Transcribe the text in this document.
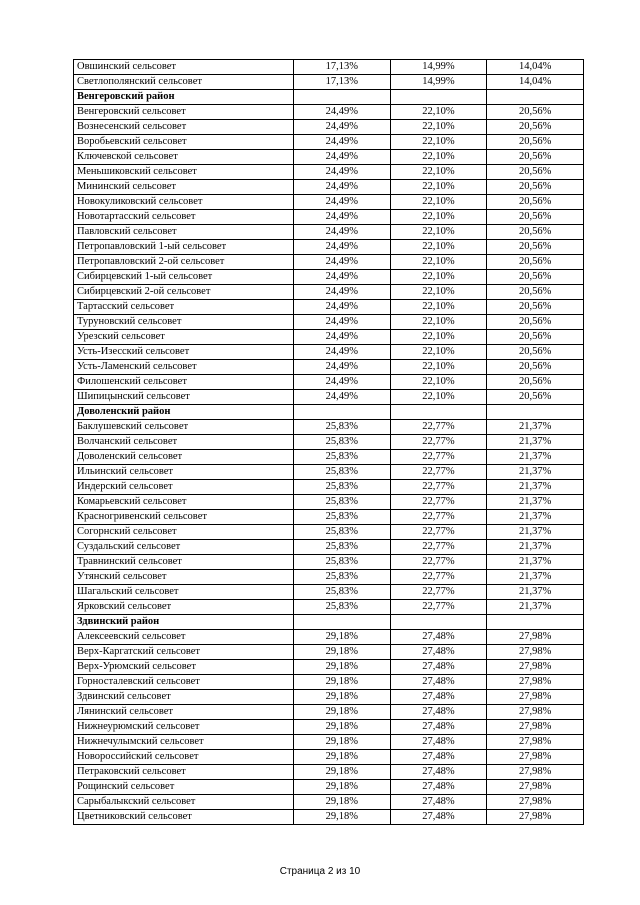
Овшинский сельсовет	17,13%	14,99%	14,04%
Светлополянский сельсовет	17,13%	14,99%	14,04%
Венгеровский район			
Венгеровский сельсовет	24,49%	22,10%	20,56%
Вознесенский сельсовет	24,49%	22,10%	20,56%
Воробьевский сельсовет	24,49%	22,10%	20,56%
Ключевской сельсовет	24,49%	22,10%	20,56%
Меньшиковский сельсовет	24,49%	22,10%	20,56%
Мининский сельсовет	24,49%	22,10%	20,56%
Новокуликовский сельсовет	24,49%	22,10%	20,56%
Новотартасский сельсовет	24,49%	22,10%	20,56%
Павловский сельсовет	24,49%	22,10%	20,56%
Петропавловский 1-ый сельсовет	24,49%	22,10%	20,56%
Петропавловский 2-ой сельсовет	24,49%	22,10%	20,56%
Сибирцевский 1-ый сельсовет	24,49%	22,10%	20,56%
Сибирцевский 2-ой сельсовет	24,49%	22,10%	20,56%
Тартасский сельсовет	24,49%	22,10%	20,56%
Туруновский сельсовет	24,49%	22,10%	20,56%
Урезский сельсовет	24,49%	22,10%	20,56%
Усть-Изесский сельсовет	24,49%	22,10%	20,56%
Усть-Ламенский сельсовет	24,49%	22,10%	20,56%
Филошенский сельсовет	24,49%	22,10%	20,56%
Шипицынский сельсовет	24,49%	22,10%	20,56%
Доволенский район			
Баклушевский сельсовет	25,83%	22,77%	21,37%
Волчанский сельсовет	25,83%	22,77%	21,37%
Доволенский сельсовет	25,83%	22,77%	21,37%
Ильинский сельсовет	25,83%	22,77%	21,37%
Индерский сельсовет	25,83%	22,77%	21,37%
Комарьевский сельсовет	25,83%	22,77%	21,37%
Красногривенский сельсовет	25,83%	22,77%	21,37%
Согорнский сельсовет	25,83%	22,77%	21,37%
Суздальский сельсовет	25,83%	22,77%	21,37%
Травнинский сельсовет	25,83%	22,77%	21,37%
Утянский сельсовет	25,83%	22,77%	21,37%
Шагальский сельсовет	25,83%	22,77%	21,37%
Ярковский сельсовет	25,83%	22,77%	21,37%
Здвинский район			
Алексеевский сельсовет	29,18%	27,48%	27,98%
Верх-Каргатский сельсовет	29,18%	27,48%	27,98%
Верх-Урюмский сельсовет	29,18%	27,48%	27,98%
Горносталевский сельсовет	29,18%	27,48%	27,98%
Здвинский сельсовет	29,18%	27,48%	27,98%
Лянинский сельсовет	29,18%	27,48%	27,98%
Нижнеурюмский сельсовет	29,18%	27,48%	27,98%
Нижнечулымский сельсовет	29,18%	27,48%	27,98%
Новороссийский сельсовет	29,18%	27,48%	27,98%
Петраковский сельсовет	29,18%	27,48%	27,98%
Рощинский сельсовет	29,18%	27,48%	27,98%
Сарыбалыкский сельсовет	29,18%	27,48%	27,98%
Цветниковский сельсовет	29,18%	27,48%	27,98%
Страница 2 из 10
